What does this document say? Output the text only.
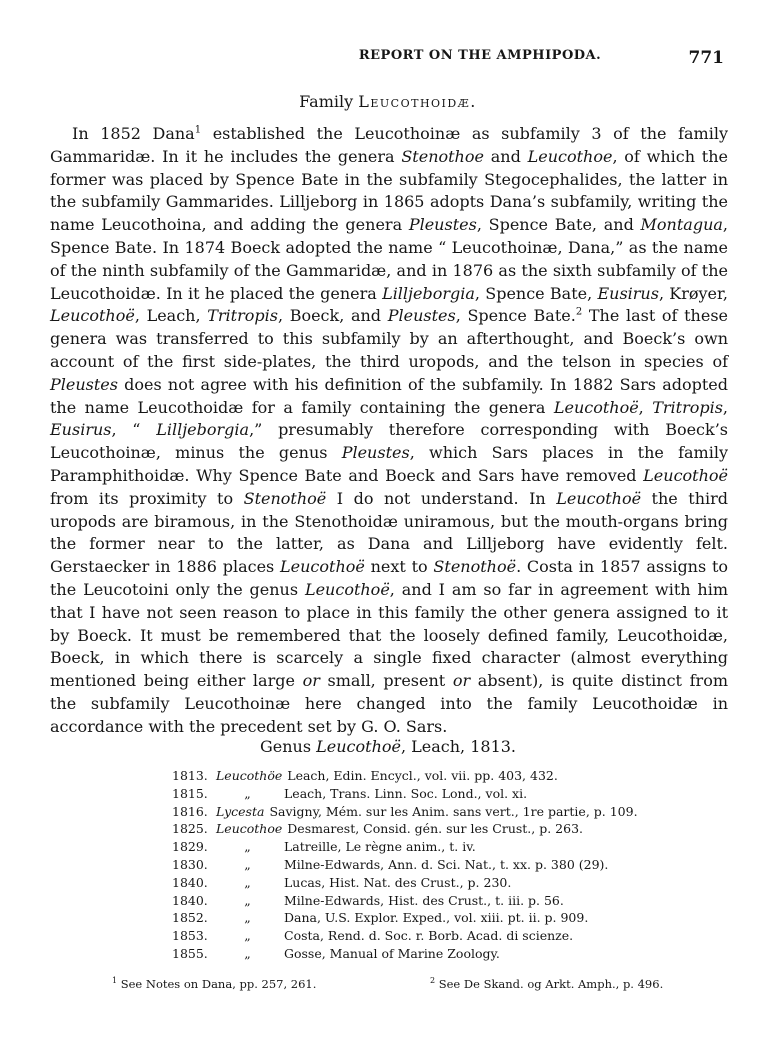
REPORT ON THE AMPHIPODA.	771
Family Leucothoidæ.

In 1852 Dana$^1$ established the Leucothoinæ as subfamily 3 of the family Gammaridæ. In it he includes the genera Stenothoe and Leucothoe, of which the former was placed by Spence Bate in the subfamily Stegocephalides, the latter in the subfamily Gammarides. Lilljeborg in 1865 adopts Dana’s subfamily, writing the name Leucothoina, and adding the genera Pleustes, Spence Bate, and Montagua, Spence Bate. In 1874 Boeck adopted the name “ Leucothoinæ, Dana,” as the name of the ninth subfamily of the Gammaridæ, and in 1876 as the sixth subfamily of the Leucothoidæ. In it he placed the genera Lilljeborgia, Spence Bate, Eusirus, Krøyer, Leucothoë, Leach, Tritropis, Boeck, and Pleustes, Spence Bate.$^2$ The last of these genera was transferred to this subfamily by an afterthought, and Boeck’s own account of the first side-plates, the third uropods, and the telson in species of Pleustes does not agree with his definition of the subfamily. In 1882 Sars adopted the name Leucothoidæ for a family containing the genera Leucothoë, Tritropis, Eusirus, “ Lilljeborgia,” presumably therefore corresponding with Boeck’s Leucothoinæ, minus the genus Pleustes, which Sars places in the family Paramphithoidæ. Why Spence Bate and Boeck and Sars have removed Leucothoë from its proximity to Stenothoë I do not understand. In Leucothoë the third uropods are biramous, in the Stenothoidæ uniramous, but the mouth-organs bring the former near to the latter, as Dana and Lilljeborg have evidently felt. Gerstaecker in 1886 places Leucothoë next to Stenothoë. Costa in 1857 assigns to the Leucotoini only the genus Leucothoë, and I am so far in agreement with him that I have not seen reason to place in this family the other genera assigned to it by Boeck. It must be remembered that the loosely defined family, Leucothoidæ, Boeck, in which there is scarcely a single fixed character (almost everything mentioned being either large or small, present or absent), is quite distinct from the subfamily Leucothoinæ here changed into the family Leucothoidæ in accordance with the precedent set by G. O. Sars.

Genus Leucothoë, Leach, 1813.
1813. Leucothöe Leach, Edin. Encycl., vol. vii. pp. 403, 432.
1815.	„	Leach, Trans. Linn. Soc. Lond., vol. xi.
1816. Lycesta Savigny, Mém. sur les Anim. sans vert., 1re partie, p. 109.
1825. Leucothoe Desmarest, Consid. gén. sur les Crust., p. 263.
1829.	„	Latreille, Le règne anim., t. iv.
1830.	„	Milne-Edwards, Ann. d. Sci. Nat., t. xx. p. 380 (29).
1840.	„	Lucas, Hist. Nat. des Crust., p. 230.
1840.	„	Milne-Edwards, Hist. des Crust., t. iii. p. 56.
1852.	„	Dana, U.S. Explor. Exped., vol. xiii. pt. ii. p. 909.
1853.	„	Costa, Rend. d. Soc. r. Borb. Acad. di scienze.
1855.	„	Gosse, Manual of Marine Zoology.
$^1$ See Notes on Dana, pp. 257, 261.	$^2$ See De Skand. og Arkt. Amph., p. 496.
